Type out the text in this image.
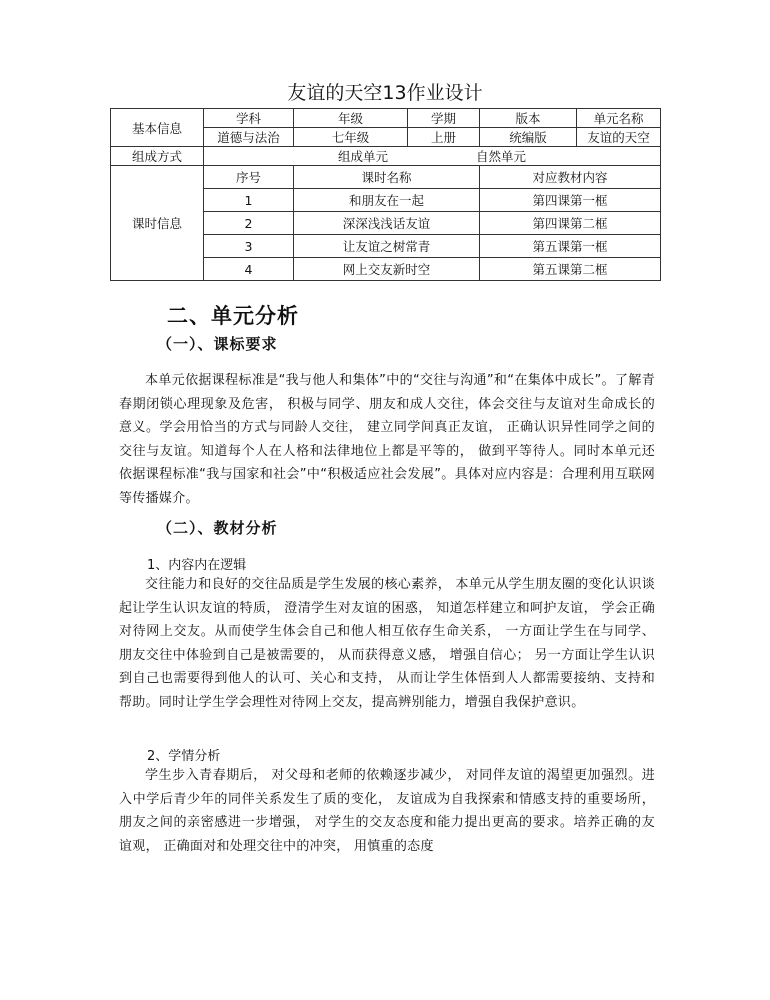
友谊的天空13作业设计
基本信息	学科	年级	学期	版本	单元名称
	道德与法治	七年级	上册	统编版	友谊的天空
组成方式	组成单元 自然单元				
课时信息	序号	课时名称		对应教材内容	
	1	和朋友在一起		第四课第一框	
	2	深深浅浅话友谊		第四课第二框	
	3	让友谊之树常青		第五课第一框	
	4	网上交友新时空		第五课第二框	
二、单元分析
（一）、课标要求

本单元依据课程标准是“我与他人和集体”中的“交往与沟通”和“在集体中成长”。了解青春期闭锁心理现象及危害， 积极与同学、朋友和成人交往，体会交往与友谊对生命成长的意义。学会用恰当的方式与同龄人交往， 建立同学间真正友谊， 正确认识异性同学之间的交往与友谊。知道每个人在人格和法律地位上都是平等的， 做到平等待人。同时本单元还依据课程标准“我与国家和社会”中“积极适应社会发展”。具体对应内容是：合理利用互联网等传播媒介。

（二）、教材分析
1、内容内在逻辑

交往能力和良好的交往品质是学生发展的核心素养， 本单元从学生朋友圈的变化认识谈起让学生认识友谊的特质， 澄清学生对友谊的困惑， 知道怎样建立和呵护友谊， 学会正确对待网上交友。从而使学生体会自己和他人相互依存生命关系， 一方面让学生在与同学、朋友交往中体验到自己是被需要的， 从而获得意义感， 增强自信心； 另一方面让学生认识到自己也需要得到他人的认可、关心和支持， 从而让学生体悟到人人都需要接纳、支持和帮助。同时让学生学会理性对待网上交友，提高辨别能力，增强自我保护意识。

2、学情分析

学生步入青春期后， 对父母和老师的依赖逐步减少， 对同伴友谊的渴望更加强烈。进入中学后青少年的同伴关系发生了质的变化， 友谊成为自我探索和情感支持的重要场所， 朋友之间的亲密感进一步增强， 对学生的交友态度和能力提出更高的要求。培养正确的友谊观， 正确面对和处理交往中的冲突， 用慎重的态度
